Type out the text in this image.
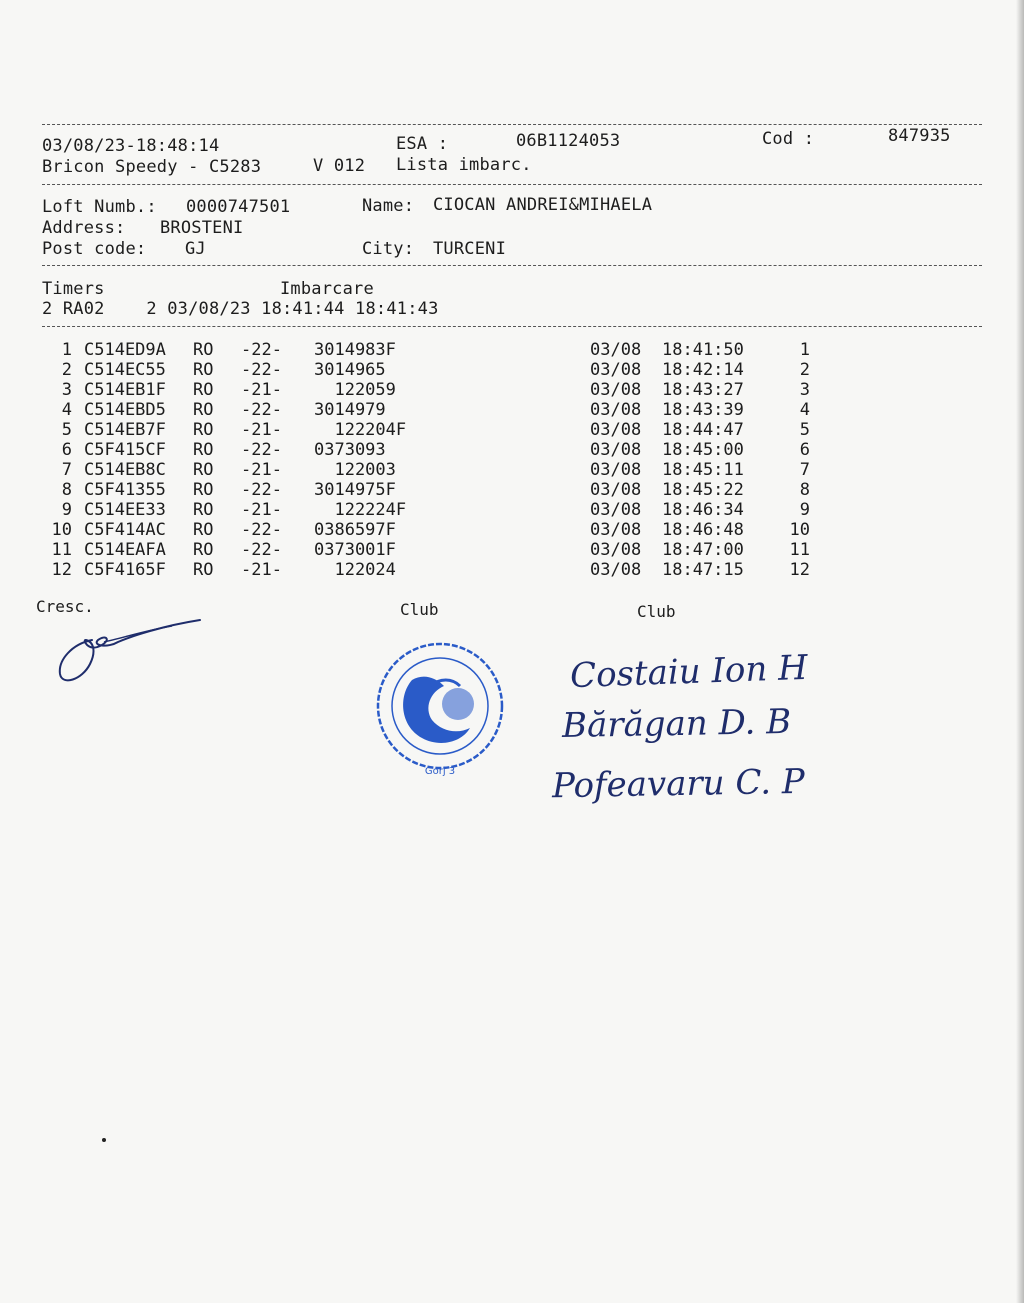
03/08/23-18:48:14	ESA :	06B1124053	Cod :	847935
Bricon Speedy - C5283	V 012 Lista imbarc.
Loft Numb.: 0000747501	Name: CIOCAN ANDREI&MIHAELA
Address: BROSTENI
Post code: GJ	City: TURCENI
Timers	Imbarcare
2 RA02    2 03/08/23 18:41:44 18:41:43
1 C514ED9A RO -22- 3014983F	03/08 18:41:50	1
2 C514EC55 RO -22- 3014965	03/08 18:42:14	2
3 C514EB1F RO -21- 122059	03/08 18:43:27	3
4 C514EBD5 RO -22- 3014979	03/08 18:43:39	4
5 C514EB7F RO -21- 122204F	03/08 18:44:47	5
6 C5F415CF RO -22- 0373093	03/08 18:45:00	6
7 C514EB8C RO -21- 122003	03/08 18:45:11	7
8 C5F41355 RO -22- 3014975F	03/08 18:45:22	8
9 C514EE33 RO -21- 122224F	03/08 18:46:34	9
10 C5F414AC RO -22- 0386597F	03/08 18:46:48	10
11 C514EAFA RO -22- 0373001F	03/08 18:47:00	11
12 C5F4165F RO -21- 122024	03/08 18:47:15	12
Cresc.	Club	Club
Gorj 3
Costaiu Ion H
Bărăgan D. B
Pofeavaru C. P
